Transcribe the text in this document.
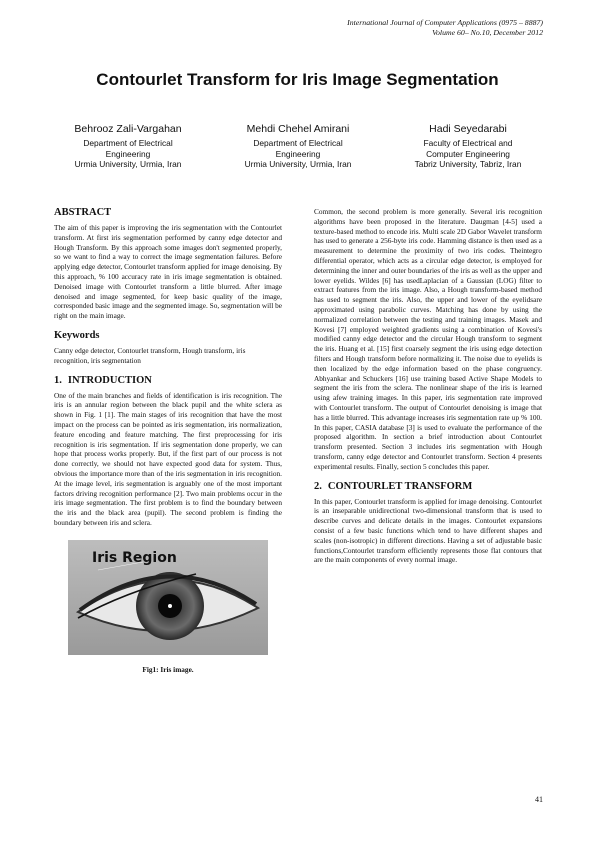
International Journal of Computer Applications (0975 – 8887)
Volume 60– No.10, December 2012
Contourlet Transform for Iris Image Segmentation
Behrooz Zali-Vargahan
Department of Electrical
Engineering
Urmia University, Urmia, Iran
Mehdi Chehel Amirani
Department of Electrical
Engineering
Urmia University, Urmia, Iran
Hadi Seyedarabi
Faculty of Electrical and
Computer Engineering
Tabriz University, Tabriz, Iran
ABSTRACT

The aim of this paper is improving the iris segmentation with the Contourlet transform. At first iris segmentation performed by canny edge detector and Hough Transform. By this approach some images don't segmented properly, so we want to find a way to correct the image segmentation failures. Before applying edge detector, Contourlet transform applied for image denoising. By this approach, % 100 accuracy rate in iris image segmentation is obtained. Denoised image with Contourlet transform a little blurred. After image denoised and image segmented, for keep basic quality of the image, corresponded basic image and the segmented image. So, segmentation will be right on the main image.

Keywords

Canny edge detector, Contourlet transform, Hough transform, iris recognition, iris segmentation

1. INTRODUCTION

One of the main branches and fields of identification is iris recognition. The iris is an annular region between the black pupil and the white sclera as shown in Fig. 1 [1]. The main stages of iris recognition that have the most impact on the process can be pointed as iris segmentation, iris normalization, feature encoding and feature matching. The first preprocessing for iris recognition is iris segmentation. If iris segmentation done properly, we can hope that process works properly. But, if the first part of our process is not done correctly, we should not have expected good data for system. Thus, obvious the importance more than of the iris segmentation in iris recognition. At the image level, iris segmentation is arguably one of the most important factors driving recognition performance [2]. Two main problems occur in the iris image segmentation. The first problem is to find the boundary between the iris and the black area (pupil). The second problem is finding the boundary between iris and sclera.

Iris Region
Fig1: Iris image.

Common, the second problem is more generally. Several iris recognition algorithms have been proposed in the literature. Daugman [4-5] used a texture-based method to encode iris. Multi scale 2D Gabor Wavelet transform has used to generate a 256-byte iris code. Hamming distance is then used as a measurement to determine the proximity of two iris codes. Theintegro differential operator, which acts as a circular edge detector, is employed for determining the inner and outer boundaries of the iris as well as the upper and lower eyelids. Wildes [6] has usedLaplacian of a Gaussian (LOG) filter to extract features from the iris image. Also, a Hough transform-based method has used to segment the iris. Also, the upper and lower of the eyelidsare approximated using parabolic curves. Matching has done by using the normalized correlation between the testing and training images. Masek and Kovesi [7] employed weighted gradients using a combination of Kovesi's modified canny edge detector and the circular Hough transform to segment the iris. Huang et al. [15] first coarsely segment the iris using edge detection filters and Hough transform before normalizing it. The noise due to eyelids is then localized by the edge information based on the phase congruency. Abhyankar and Schuckers [16] use training based Active Shape Models to segment the iris from the sclera. The nonlinear shape of the iris is learned using afew training images. In this paper, iris segmentation rate improved with Contourlet transform. The output of Contourlet denoising is image that has a little blurred. This advantage increases iris segmentation rate up % 100. In this paper, CASIA database [3] is used to evaluate the performance of the proposed algorithm. In section a brief introduction about Contourlet transform presented. Section 3 includes iris segmentation with Hough transform, canny edge detector and Contourlet transform. Section 4 presents experimental results. Finally, section 5 concludes this paper.

2. CONTOURLET TRANSFORM

In this paper, Contourlet transform is applied for image denoising. Contourlet is an inseparable unidirectional two-dimensional transform that is used to describe curves and delicate details in the images. Contourlet expansions consist of a few basic functions which tend to have different shapes and scales (non-isotropic) in different directions. Having a set of adjustable basic functions,Contourlet transform efficiently represents those flat contours that are the main components of every normal image.

41
